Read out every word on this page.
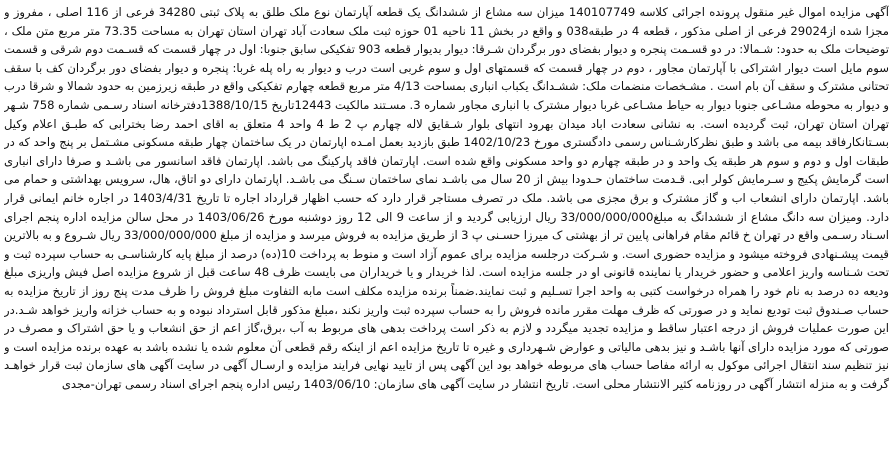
آگهی مزایده اموال غیر منقول پرونده اجرائی کلاسه 140107749 میزان سه مشاع از ششدانگ یک قطعه آپارتمان نوع ملک طلق به پلاک ثبتی 34280 فرعی از 116 اصلی ، مفروز و مجزا شده از29024 فرعی از اصلی مذکور ، قطعه 4 در طبقه038 و واقع در بخش 11 ناحیه 01 حوزه ثبت ملک سعادت آباد تهران استان تهران به مساحت 73.35 متر مربع متن ملک ، توضیحات ملک به حدود: شـمالا: در دو قسـمت پنجره و دیوار بفضای دور برگردان شـرقا: دیوار بدیوار قطعه 903 تفکیکی سابق جنوبا: اول در چهار قسمت که قسـمت دوم شرقی و قسمت سوم مایل است دیوار اشتراکی با آپارتمان مجاور ، دوم در چهار قسمت که قسمتهای اول و سوم غربی است درب و دیوار به راه پله غربا: پنجره و دیوار بفضای دور برگردان کف با سقف تحتانی مشترک و سقف آن بام است . مشـخصات منضمات ملک: ششـدانگ یکباب انباری بمساحت 4/13 متر مربع قطعه چهارم تفکیکی واقع در طبقه زیرزمین به حدود شمالا و شرقا درب و دیوار به محوطه مشـاعی جنوبا دیوار به حیاط مشـاعی غربا دیوار مشترک با انباری مجاور شماره 3. مسـتند مالکیت 12443تاریخ 1388/10/15دفترخانه اسناد رسـمی شماره 758 شـهر تهران استان تهران، ثبت گردیده است. به نشانی سعادت اباد میدان بهرود انتهای بلوار شـقایق لاله چهارم پ 2 ط 4 واحد 4 متعلق به اقای احمد رضا بخترابی که طبـق اعلام وکیل بسـتانکارفاقد بیمه می باشد و طبق نظرکارشـناس رسمی دادگستری مورخ 1402/10/23 طبق بازدید بعمل امـده اپارتمان در یک ساختمان چهار طبقه مسکونی مشـتمل بر پنج واحد که در طبقات اول و دوم و سوم هر طبقه یک واحد و در طبقه چهارم دو واحد مسکونی واقع شده است. اپارتمان فاقد پارکینگ می باشد. اپارتمان فاقد اسانسور می باشـد و صرفا دارای انباری است گرمایش پکیج و سـرمایش کولر ابی. قـدمت ساختمان حـدودا بیش از 20 سال می باشـد نمای ساختمان سـنگ می باشـد. اپارتمان دارای دو اتاق، هال، سرویس بهداشتی و حمام می باشد. اپارتمان دارای انشعاب اب و گاز مشترک و برق مجزی می باشد. ملک در تصرف مستاجر قرار دارد که حسب اظهار قرارداد اجاره تا تاریخ 1403/4/31 در اجاره خانم ایمانی قرار دارد. ومیزان سه دانگ مشاع از ششدانگ به مبلغ33/000/000/000 ریال ارزیابی گردید و از ساعت 9 الی 12 روز دوشنبه مورخ 1403/06/26 در محل سالن مزایده اداره پنجم اجرای اسـناد رسـمی واقع در تهران خ قائم مقام فراهانی پایین تر از بهشتی ک میرزا حسـنی پ 3 از طریق مزایده به فروش میرسد و مزایده از مبلغ 33/000/000/000 ریال شـروع و به بالاترین قیمت پیشـنهادی فروخته میشود و مزایده حضوری است. و شـرکت درجلسه مزایده برای عموم آزاد است و منوط به پرداخت 10(ده) درصد از مبلغ پایه کارشناسـی به حساب سپرده ثبت و تحت شـناسه واریز اعلامی و حضور خریدار یا نماینده قانونی او در جلسه مزایده است. لذا خریدار و یا خریداران می بایست ظرف 48 ساعت قبل از شروع مزایده اصل فیش واریزی مبلغ ودیعه ده درصد به نام خود را همراه درخواست کتبی به واحد اجرا تسـلیم و ثبت نمایند.ضمناً برنده مزایده مکلف است مابه التفاوت مبلغ فروش را ظرف مدت پنج روز از تاریخ مزایده به حساب صـندوق ثبت تودیع نماید و در صورتی که ظرف مهلت مقرر مانده فروش را به حساب سپرده ثبت واریز نکند ،مبلغ مذکور قابل استرداد نبوده و به حساب خزانه واریز خواهد شـد.در این صورت عملیات فروش از درجه اعتبار ساقط و مزایده تجدید میگردد و لازم به ذکر است پرداخت بدهی های مربوط به آب ،برق،گاز اعم از حق انشعاب و یا حق اشتراک و مصرف در صورتی که مورد مزایده دارای آنها باشـد و نیز بدهی مالیاتی و عوارض شـهرداری و غیره تا تاریخ مزایده اعم از اینکه رقم قطعی آن معلوم شده یا نشده باشد به عهده برنده مزایده است و نیز تنظیم سند انتقال اجرائی موکول به ارائه مفاصا حساب های مربوطه خواهد بود این آگهی پس از تایید نهایی فرایند مزایده و ارسـال آگهی در سایت آگهی های سازمان ثبت قرار خواهـد گرفت و به منزله انتشار آگهی در روزنامه کثیر الانتشار محلی است. تاریخ انتشار در سایت آگهی های سازمان: 1403/06/10 رئیس اداره پنجم اجرای اسناد رسمی تهران-مجدی
